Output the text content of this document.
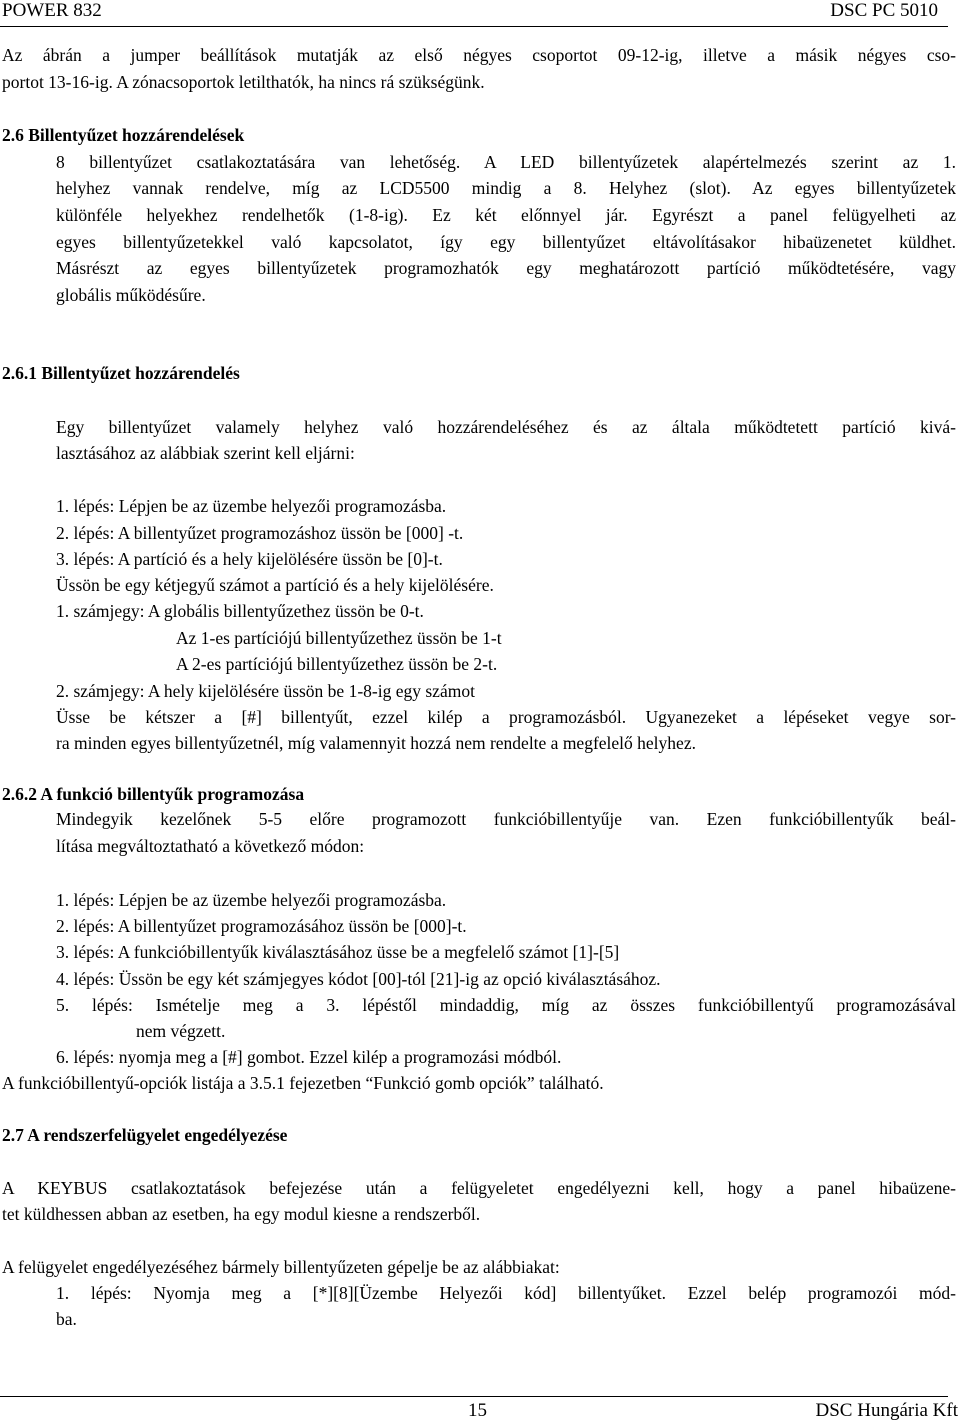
POWER 832	DSC PC 5010
Az ábrán a jumper beállítások mutatják az első négyes csoportot 09-12-ig, illetve a másik négyes cso-
portot 13-16-ig. A zónacsoportok letilthatók, ha nincs rá szükségünk.
2.6 Billentyűzet hozzárendelések
8 billentyűzet csatlakoztatására van lehetőség. A LED billentyűzetek alapértelmezés szerint az 1.
helyhez vannak rendelve, míg az LCD5500 mindig a 8. Helyhez (slot). Az egyes billentyűzetek
különféle helyekhez rendelhetők (1-8-ig). Ez két előnnyel jár. Egyrészt a panel felügyelheti az
egyes billentyűzetekkel való kapcsolatot, így egy billentyűzet eltávolításakor hibaüzenetet küldhet.
Másrészt az egyes billentyűzetek programozhatók egy meghatározott partíció működtetésére, vagy
globális működésűre.
2.6.1 Billentyűzet hozzárendelés
Egy billentyűzet valamely helyhez való hozzárendeléséhez és az általa működtetett partíció kivá-
lasztásához az alábbiak szerint kell eljárni:
1. lépés: Lépjen be az üzembe helyezői programozásba.
2. lépés: A billentyűzet programozáshoz üssön be [000] -t.
3. lépés: A partíció és a hely kijelölésére üssön be [0]-t.
Üssön be egy kétjegyű számot a partíció és a hely kijelölésére.
1. számjegy: A globális billentyűzethez üssön be 0-t.
Az 1-es partíciójú billentyűzethez üssön be 1-t
A 2-es partíciójú billentyűzethez üssön be 2-t.
2. számjegy: A hely kijelölésére üssön be 1-8-ig egy számot
Üsse be kétszer a [#] billentyűt, ezzel kilép a programozásból. Ugyanezeket a lépéseket vegye sor-
ra minden egyes billentyűzetnél, míg valamennyit hozzá nem rendelte a megfelelő helyhez.
2.6.2 A funkció billentyűk programozása
Mindegyik kezelőnek 5-5 előre programozott funkcióbillentyűje van. Ezen funkcióbillentyűk beál-
lítása megváltoztatható a következő módon:
1. lépés: Lépjen be az üzembe helyezői programozásba.
2. lépés: A billentyűzet programozásához üssön be [000]-t.
3. lépés: A funkcióbillentyűk kiválasztásához üsse be a megfelelő számot [1]-[5]
4. lépés: Üssön be egy két számjegyes kódot [00]-tól [21]-ig az opció kiválasztásához.
5. lépés: Ismételje meg a 3. lépéstől mindaddig, míg az összes funkcióbillentyű programozásával
nem végzett.
6. lépés: nyomja meg a [#] gombot. Ezzel kilép a programozási módból.
A funkcióbillentyű-opciók listája a 3.5.1 fejezetben “Funkció gomb opciók” található.
2.7 A rendszerfelügyelet engedélyezése
A KEYBUS csatlakoztatások befejezése után a felügyeletet engedélyezni kell, hogy a panel hibaüzene-
tet küldhessen abban az esetben, ha egy modul kiesne a rendszerből.
A felügyelet engedélyezéséhez bármely billentyűzeten gépelje be az alábbiakat:
1. lépés: Nyomja meg a [*][8][Üzembe Helyezői kód] billentyűket. Ezzel belép programozói mód-
ba.
15	DSC Hungária Kft
